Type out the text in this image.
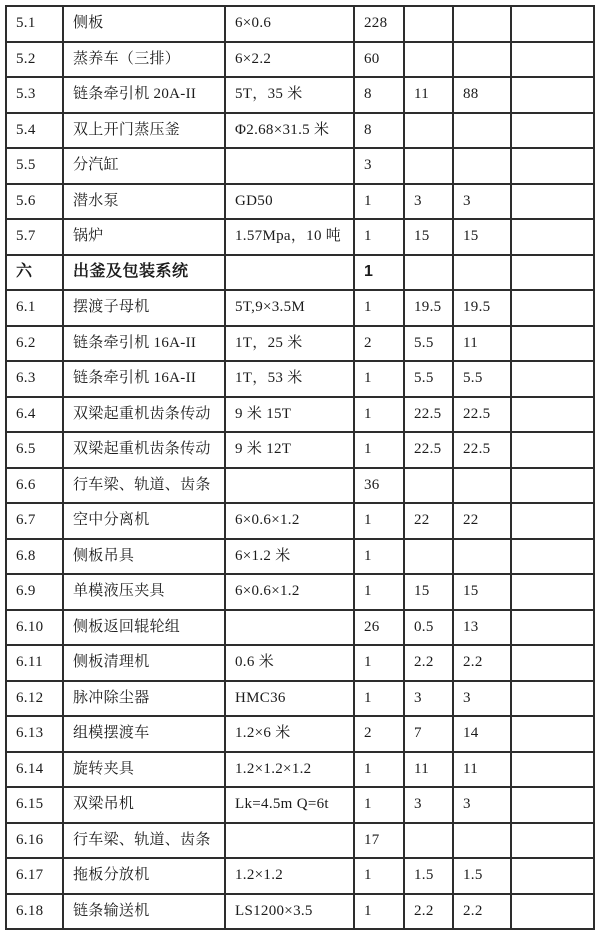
5.1	侧板	6×0.6	228			
5.2	蒸养车（三排）	6×2.2	60			
5.3	链条牵引机 20A-II	5T，35 米	8	11	88	
5.4	双上开门蒸压釜	Φ2.68×31.5 米	8			
5.5	分汽缸		3			
5.6	潜水泵	GD50	1	3	3	
5.7	锅炉	1.57Mpa，10 吨	1	15	15	
六	出釜及包装系统		1			
6.1	摆渡子母机	5T,9×3.5M	1	19.5	19.5	
6.2	链条牵引机 16A-II	1T，25 米	2	5.5	11	
6.3	链条牵引机 16A-II	1T，53 米	1	5.5	5.5	
6.4	双梁起重机齿条传动	9 米 15T	1	22.5	22.5	
6.5	双梁起重机齿条传动	9 米 12T	1	22.5	22.5	
6.6	行车梁、轨道、齿条		36			
6.7	空中分离机	6×0.6×1.2	1	22	22	
6.8	侧板吊具	6×1.2 米	1			
6.9	单模液压夹具	6×0.6×1.2	1	15	15	
6.10	侧板返回辊轮组		26	0.5	13	
6.11	侧板清理机	0.6 米	1	2.2	2.2	
6.12	脉冲除尘器	HMC36	1	3	3	
6.13	组模摆渡车	1.2×6 米	2	7	14	
6.14	旋转夹具	1.2×1.2×1.2	1	11	11	
6.15	双梁吊机	Lk=4.5m Q=6t	1	3	3	
6.16	行车梁、轨道、齿条		17			
6.17	拖板分放机	1.2×1.2	1	1.5	1.5	
6.18	链条输送机	LS1200×3.5	1	2.2	2.2	
